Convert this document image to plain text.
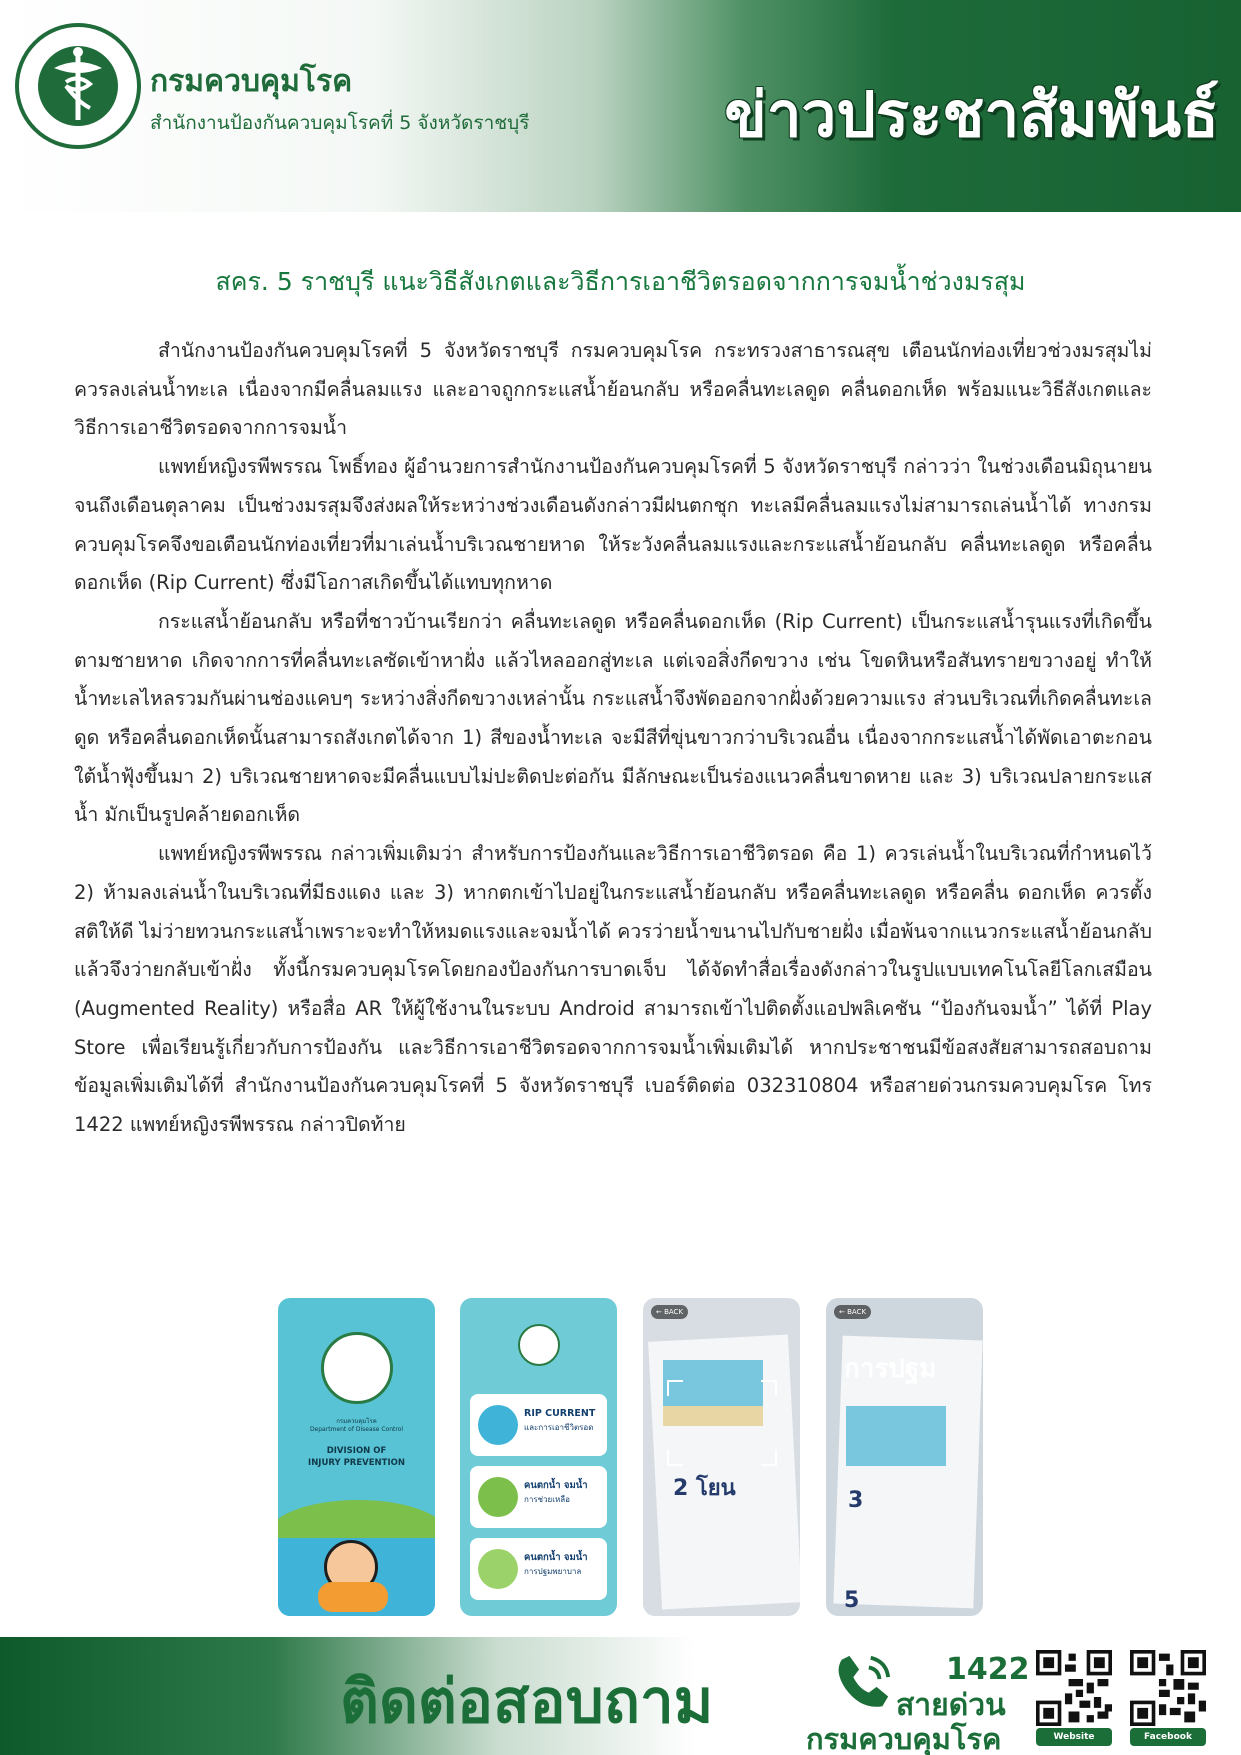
กรมควบคุมโรค
สำนักงานป้องกันควบคุมโรคที่ 5 จังหวัดราชบุรี	ข่าวประชาสัมพันธ์
สคร. 5 ราชบุรี แนะวิธีสังเกตและวิธีการเอาชีวิตรอดจากการจมน้ำช่วงมรสุม

สำนักงานป้องกันควบคุมโรคที่ 5 จังหวัดราชบุรี กรมควบคุมโรค กระทรวงสาธารณสุข เตือนนักท่องเที่ยวช่วงมรสุมไม่ควรลงเล่นน้ำทะเล เนื่องจากมีคลื่นลมแรง และอาจถูกกระแสน้ำย้อนกลับ หรือคลื่นทะเลดูด คลื่นดอกเห็ด พร้อมแนะวิธีสังเกตและวิธีการเอาชีวิตรอดจากการจมน้ำ

แพทย์หญิงรพีพรรณ โพธิ์ทอง ผู้อำนวยการสำนักงานป้องกันควบคุมโรคที่ 5 จังหวัดราชบุรี กล่าวว่า ในช่วงเดือนมิถุนายน จนถึงเดือนตุลาคม เป็นช่วงมรสุมจึงส่งผลให้ระหว่างช่วงเดือนดังกล่าวมีฝนตกชุก ทะเลมีคลื่นลมแรงไม่สามารถเล่นน้ำได้ ทางกรมควบคุมโรคจึงขอเตือนนักท่องเที่ยวที่มาเล่นน้ำบริเวณชายหาด ให้ระวังคลื่นลมแรงและกระแสน้ำย้อนกลับ คลื่นทะเลดูด หรือคลื่นดอกเห็ด (Rip Current) ซึ่งมีโอกาสเกิดขึ้นได้แทบทุกหาด

กระแสน้ำย้อนกลับ หรือที่ชาวบ้านเรียกว่า คลื่นทะเลดูด หรือคลื่นดอกเห็ด (Rip Current) เป็นกระแสน้ำรุนแรงที่เกิดขึ้นตามชายหาด เกิดจากการที่คลื่นทะเลซัดเข้าหาฝั่ง แล้วไหลออกสู่ทะเล แต่เจอสิ่งกีดขวาง เช่น โขดหินหรือสันทรายขวางอยู่ ทำให้น้ำทะเลไหลรวมกันผ่านช่องแคบๆ ระหว่างสิ่งกีดขวางเหล่านั้น กระแสน้ำจึงพัดออกจากฝั่งด้วยความแรง ส่วนบริเวณที่เกิดคลื่นทะเลดูด หรือคลื่นดอกเห็ดนั้นสามารถสังเกตได้จาก 1) สีของน้ำทะเล จะมีสีที่ขุ่นขาวกว่าบริเวณอื่น เนื่องจากกระแสน้ำได้พัดเอาตะกอนใต้น้ำฟุ้งขึ้นมา 2) บริเวณชายหาดจะมีคลื่นแบบไม่ปะติดปะต่อกัน มีลักษณะเป็นร่องแนวคลื่นขาดหาย และ 3) บริเวณปลายกระแสน้ำ มักเป็นรูปคล้ายดอกเห็ด

แพทย์หญิงรพีพรรณ กล่าวเพิ่มเติมว่า สำหรับการป้องกันและวิธีการเอาชีวิตรอด คือ 1) ควรเล่นน้ำในบริเวณที่กำหนดไว้ 2) ห้ามลงเล่นน้ำในบริเวณที่มีธงแดง และ 3) หากตกเข้าไปอยู่ในกระแสน้ำย้อนกลับ หรือคลื่นทะเลดูด หรือคลื่น ดอกเห็ด ควรตั้งสติให้ดี ไม่ว่ายทวนกระแสน้ำเพราะจะทำให้หมดแรงและจมน้ำได้ ควรว่ายน้ำขนานไปกับชายฝั่ง เมื่อพ้นจากแนวกระแสน้ำย้อนกลับแล้วจึงว่ายกลับเข้าฝั่ง ทั้งนี้กรมควบคุมโรคโดยกองป้องกันการบาดเจ็บ ได้จัดทำสื่อเรื่องดังกล่าวในรูปแบบเทคโนโลยีโลกเสมือน (Augmented Reality) หรือสื่อ AR ให้ผู้ใช้งานในระบบ Android สามารถเข้าไปติดตั้งแอปพลิเคชัน “ป้องกันจมน้ำ” ได้ที่ Play Store เพื่อเรียนรู้เกี่ยวกับการป้องกัน และวิธีการเอาชีวิตรอดจากการจมน้ำเพิ่มเติมได้ หากประชาชนมีข้อสงสัยสามารถสอบถามข้อมูลเพิ่มเติมได้ที่ สำนักงานป้องกันควบคุมโรคที่ 5 จังหวัดราชบุรี เบอร์ติดต่อ 032310804 หรือสายด่วนกรมควบคุมโรค โทร 1422 แพทย์หญิงรพีพรรณ กล่าวปิดท้าย

กรมควบคุมโรค
Department of Disease Control
DIVISION OF
INJURY PREVENTION
RIP CURRENT
และการเอาชีวิตรอด
คนตกน้ำ จมน้ำ
การช่วยเหลือ
คนตกน้ำ จมน้ำ
การปฐมพยาบาล
2 โยน
← BACK
การปฐม
3
5
← BACK
ติดต่อสอบถาม	1422
สายด่วน
กรมควบคุมโรค	Website	Facebook
